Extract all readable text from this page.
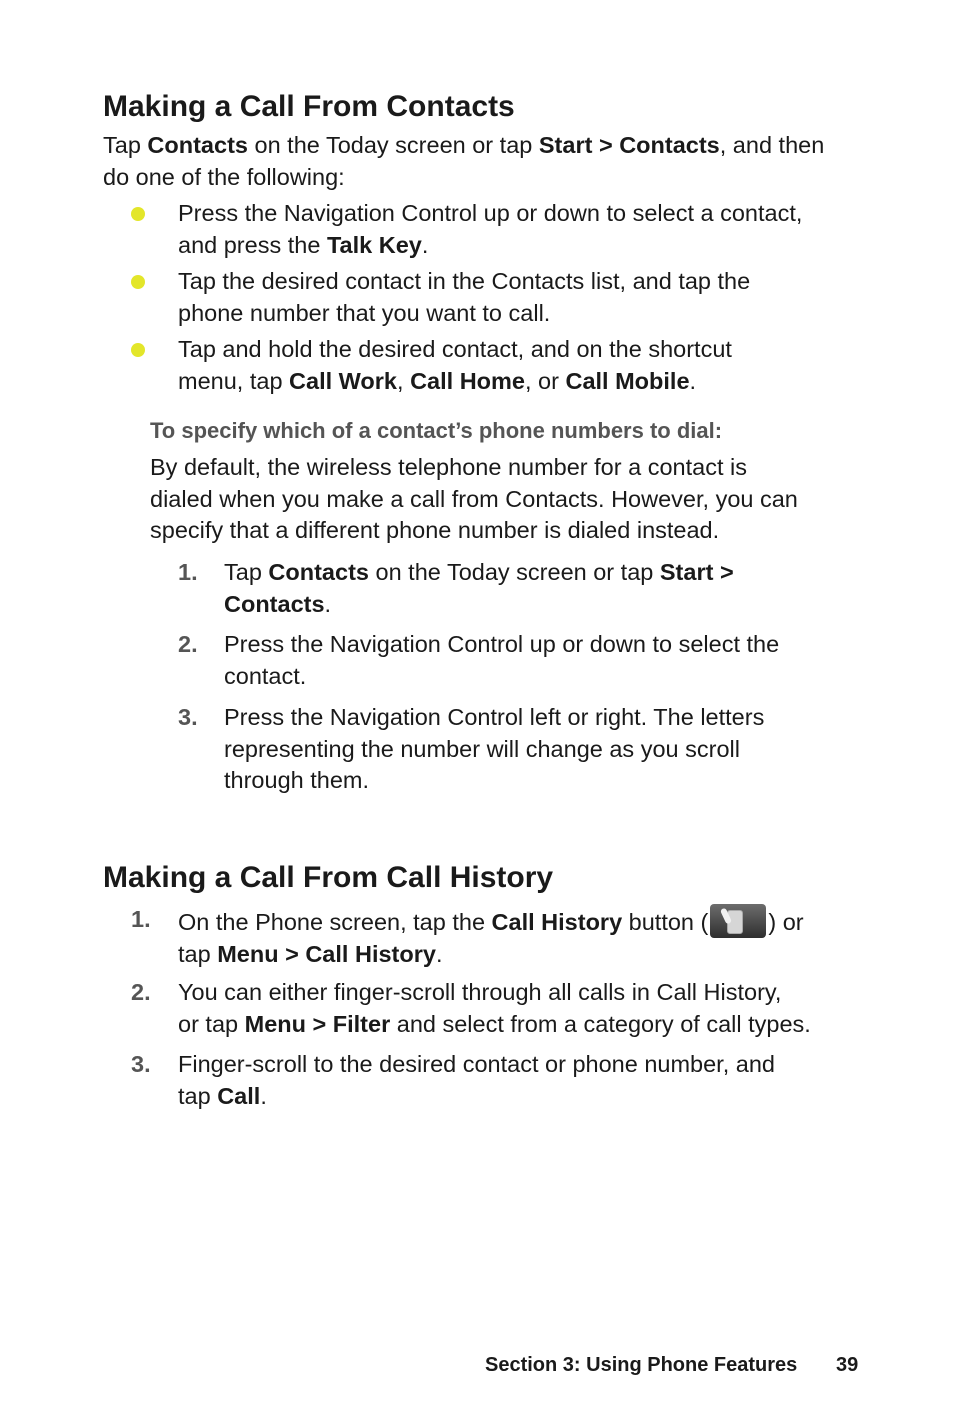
Making a Call From Contacts
Tap Contacts on the Today screen or tap Start > Contacts, and then
do one of the following:
Press the Navigation Control up or down to select a contact,
and press the Talk Key.
Tap the desired contact in the Contacts list, and tap the
phone number that you want to call.
Tap and hold the desired contact, and on the shortcut
menu, tap Call Work, Call Home, or Call Mobile.
To specify which of a contact’s phone numbers to dial:
By default, the wireless telephone number for a contact is
dialed when you make a call from Contacts. However, you can
specify that a different phone number is dialed instead.
1. Tap Contacts on the Today screen or tap Start >
Contacts.
2. Press the Navigation Control up or down to select the
contact.
3. Press the Navigation Control left or right. The letters
representing the number will change as you scroll
through them.
Making a Call From Call History
1. On the Phone screen, tap the Call History button (	) or
tap Menu > Call History.
2. You can either finger-scroll through all calls in Call History,
or tap Menu > Filter and select from a category of call types.
3. Finger-scroll to the desired contact or phone number, and
tap Call.
Section 3: Using Phone Features 39
